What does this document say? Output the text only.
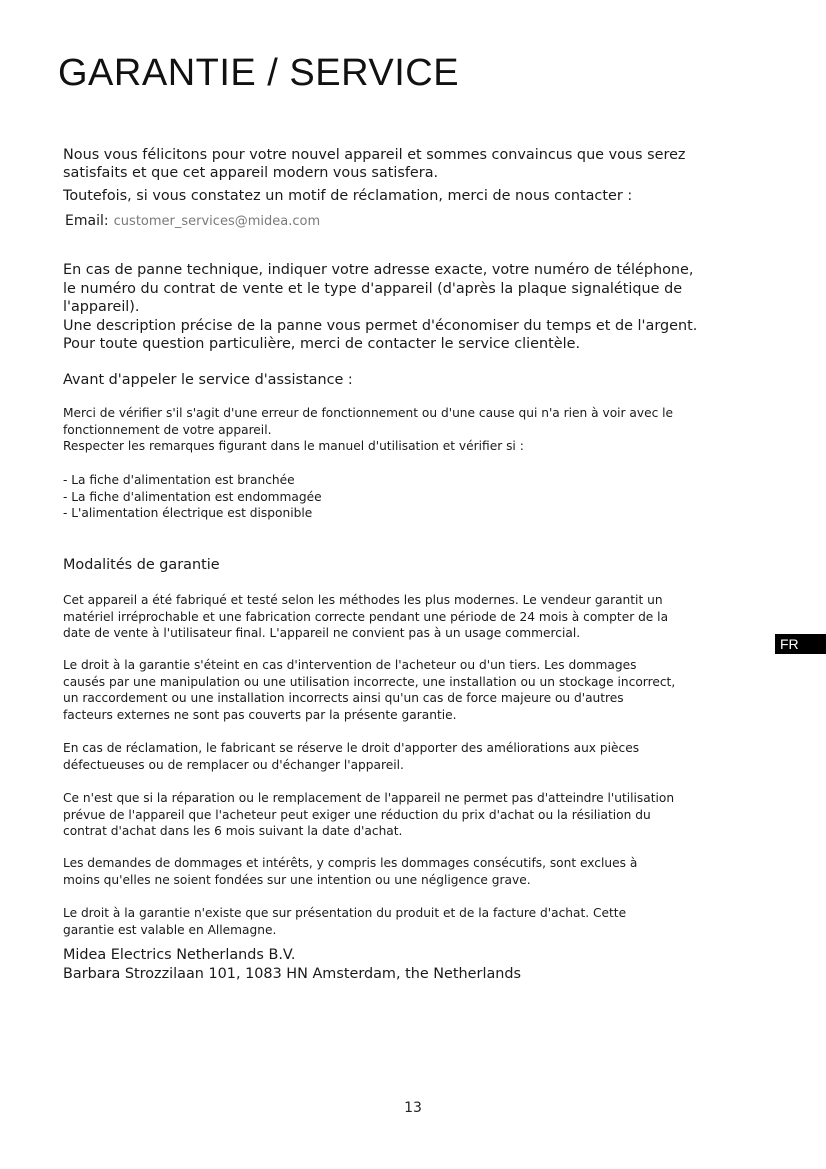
GARANTIE / SERVICE
Nous vous félicitons pour votre nouvel appareil et sommes convaincus que vous serez
satisfaits et que cet appareil modern vous satisfera.
Toutefois, si vous constatez un motif de réclamation, merci de nous contacter :
Email: customer_services@midea.com
En cas de panne technique, indiquer votre adresse exacte, votre numéro de téléphone,
le numéro du contrat de vente et le type d'appareil (d'après la plaque signalétique de
l'appareil).
Une description précise de la panne vous permet d'économiser du temps et de l'argent.
Pour toute question particulière, merci de contacter le service clientèle.
Avant d'appeler le service d'assistance :
Merci de vérifier s'il s'agit d'une erreur de fonctionnement ou d'une cause qui n'a rien à voir avec le
fonctionnement de votre appareil.
Respecter les remarques figurant dans le manuel d'utilisation et vérifier si :
- La fiche d'alimentation est branchée
- La fiche d'alimentation est endommagée
- L'alimentation électrique est disponible
Modalités de garantie
Cet appareil a été fabriqué et testé selon les méthodes les plus modernes. Le vendeur garantit un
matériel irréprochable et une fabrication correcte pendant une période de 24 mois à compter de la
date de vente à l'utilisateur final. L'appareil ne convient pas à un usage commercial.
Le droit à la garantie s'éteint en cas d'intervention de l'acheteur ou d'un tiers. Les dommages
causés par une manipulation ou une utilisation incorrecte, une installation ou un stockage incorrect,
un raccordement ou une installation incorrects ainsi qu'un cas de force majeure ou d'autres
facteurs externes ne sont pas couverts par la présente garantie.
En cas de réclamation, le fabricant se réserve le droit d'apporter des améliorations aux pièces
défectueuses ou de remplacer ou d'échanger l'appareil.
Ce n'est que si la réparation ou le remplacement de l'appareil ne permet pas d'atteindre l'utilisation
prévue de l'appareil que l'acheteur peut exiger une réduction du prix d'achat ou la résiliation du
contrat d'achat dans les 6 mois suivant la date d'achat.
Les demandes de dommages et intérêts, y compris les dommages consécutifs, sont exclues à
moins qu'elles ne soient fondées sur une intention ou une négligence grave.
Le droit à la garantie n'existe que sur présentation du produit et de la facture d'achat. Cette
garantie est valable en Allemagne.
Midea Electrics Netherlands B.V.
Barbara Strozzilaan 101, 1083 HN Amsterdam, the Netherlands
FR
13
